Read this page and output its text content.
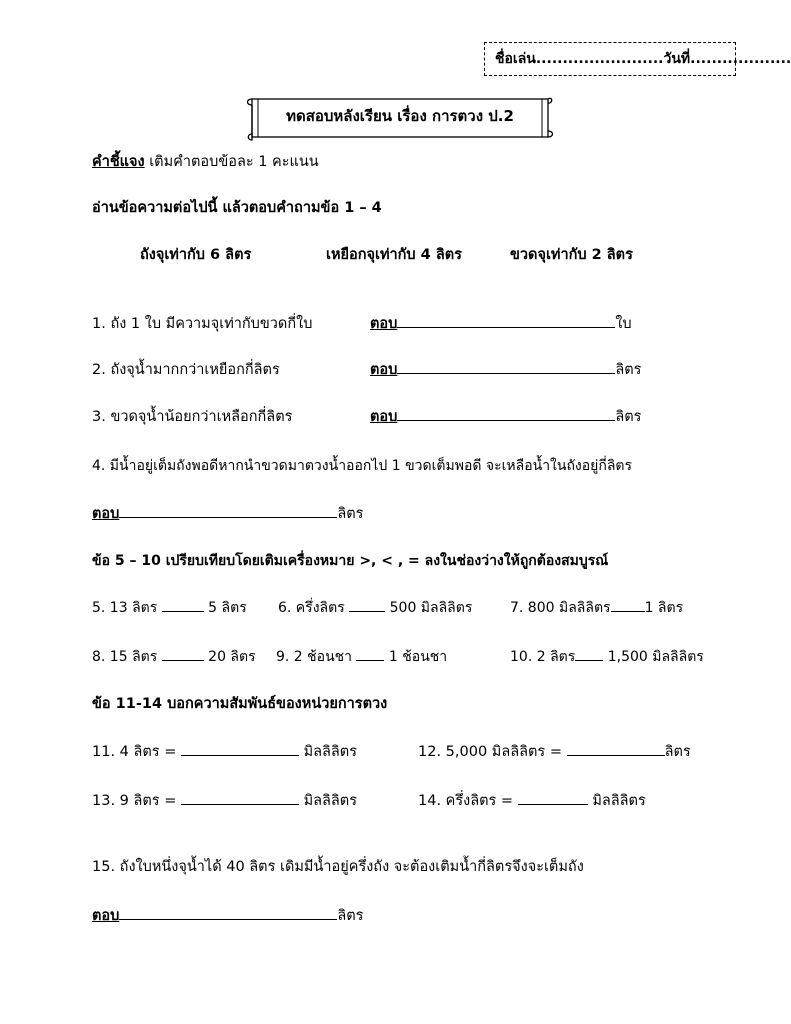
ชื่อเล่น........................วันที่...................
ทดสอบหลังเรียน เรื่อง การตวง ป.2
คำชี้แจง เติมคำตอบข้อละ 1 คะแนน
อ่านข้อความต่อไปนี้ แล้วตอบคำถามข้อ 1 – 4
ถังจุเท่ากับ 6 ลิตร	เหยือกจุเท่ากับ 4 ลิตร	ขวดจุเท่ากับ 2 ลิตร
1. ถัง 1 ใบ มีความจุเท่ากับขวดกี่ใบ	ตอบ	ใบ
2. ถังจุน้ำมากกว่าเหยือกกี่ลิตร	ตอบ	ลิตร
3. ขวดจุน้ำน้อยกว่าเหลือกกี่ลิตร	ตอบ	ลิตร
4. มีน้ำอยู่เต็มถังพอดีหากนำขวดมาตวงน้ำออกไป 1 ขวดเต็มพอดี จะเหลือน้ำในถังอยู่กี่ลิตร
ตอบ	ลิตร
ข้อ 5 – 10 เปรียบเทียบโดยเติมเครื่องหมาย >, < , = ลงในช่องว่างให้ถูกต้องสมบูรณ์
5. 13 ลิตร	5 ลิตร 6. ครึ่งลิตร	500 มิลลิลิตร	7. 800 มิลลิลิตร 1 ลิตร
8. 15 ลิตร	20 ลิตร 9. 2 ช้อนชา	1 ช้อนชา	10. 2 ลิตร 1,500 มิลลิลิตร
ข้อ 11-14 บอกความสัมพันธ์ของหน่วยการตวง
11. 4 ลิตร =	มิลลิลิตร	12. 5,000 มิลลิลิตร =	ลิตร
13. 9 ลิตร =	มิลลิลิตร	14. ครึ่งลิตร =	มิลลิลิตร
15. ถังใบหนึ่งจุน้ำได้ 40 ลิตร เดิมมีน้ำอยู่ครึ่งถัง จะต้องเติมน้ำกี่ลิตรจึงจะเต็มถัง
ตอบ	ลิตร
